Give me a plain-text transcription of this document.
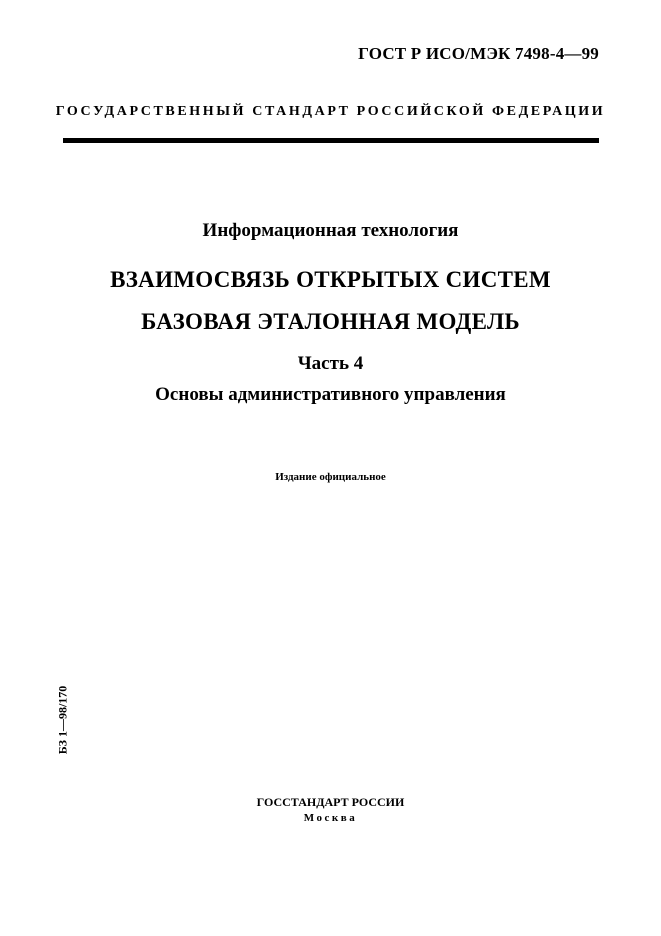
ГОСТ Р ИСО/МЭК 7498-4—99
ГОСУДАРСТВЕННЫЙ СТАНДАРТ РОССИЙСКОЙ ФЕДЕРАЦИИ
Информационная технология
ВЗАИМОСВЯЗЬ ОТКРЫТЫХ СИСТЕМ
БАЗОВАЯ ЭТАЛОННАЯ МОДЕЛЬ
Часть 4
Основы административного управления
Издание официальное
БЗ 1—98/170
ГОССТАНДАРТ РОССИИ
Москва
